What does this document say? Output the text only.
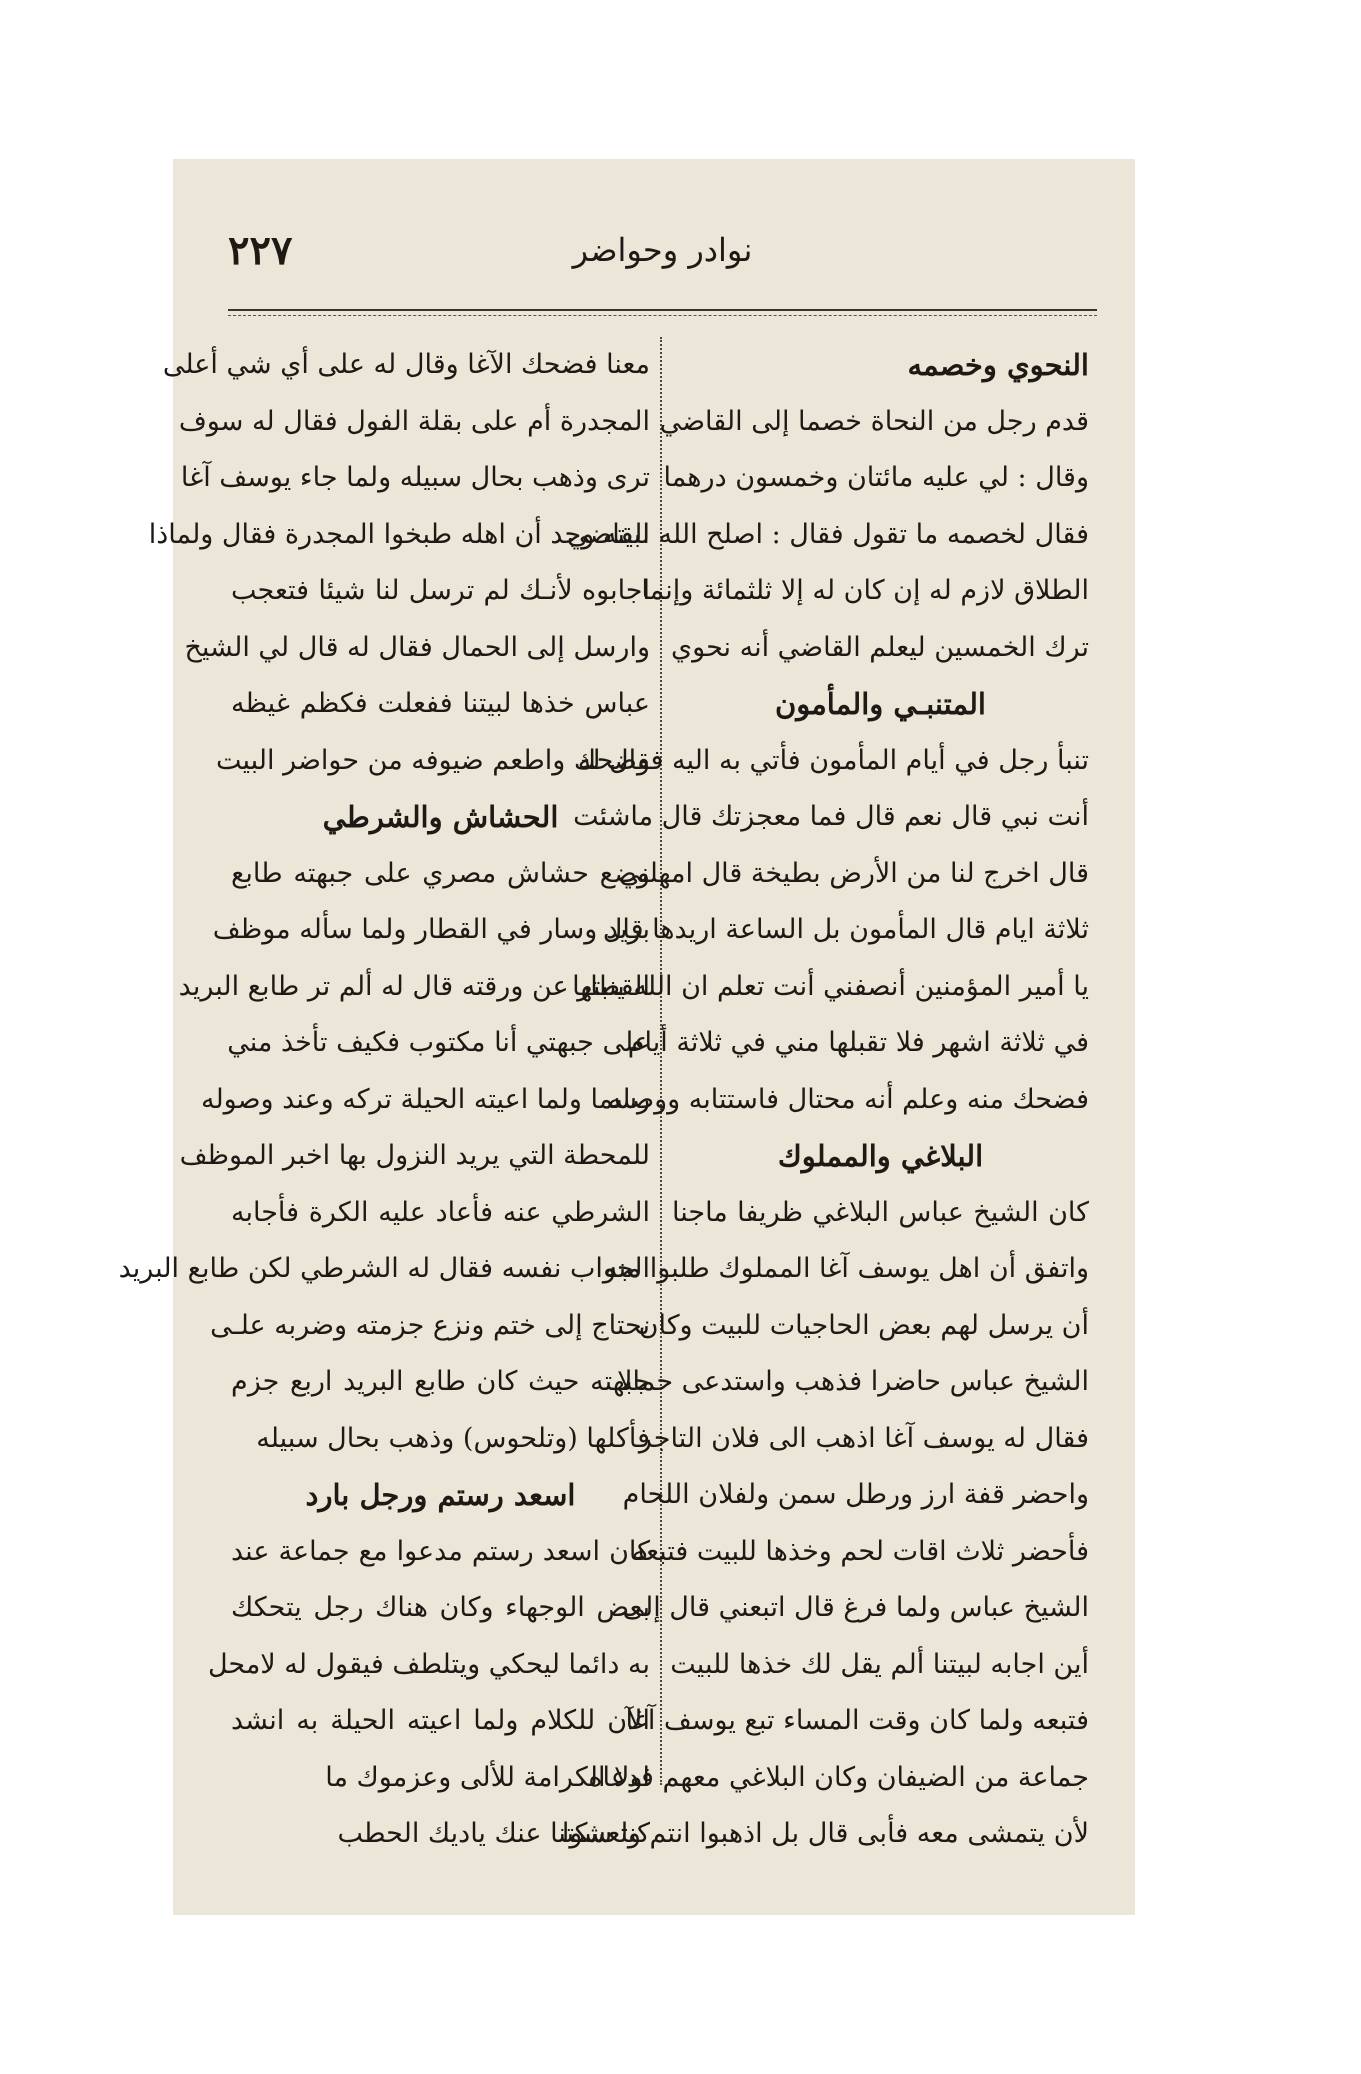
نوادر وحواضر
٢٢٧
النحوي وخصمه
قدم رجل من النحاة خصما إلى القاضي
وقال : لي عليه مائتان وخمسون درهما
فقال لخصمه ما تقول فقال : اصلح الله القاضي
الطلاق لازم له إن كان له إلا ثلثمائة وإنما
ترك الخمسين ليعلم القاضي أنه نحوي
المتنبـي والمأمون
تنبأ رجل في أيام المأمون فأتي به اليه فقال له
أنت نبي قال نعم قال فما معجزتك قال ماشئت
قال اخرج لنا من الأرض بطيخة قال امهلني
ثلاثة ايام قال المأمون بل الساعة اريدها قال
يا أمير المؤمنين أنصفني أنت تعلم ان الله ينبتها
في ثلاثة اشهر فلا تقبلها مني في ثلاثة أيام
فضحك منه وعلم أنه محتال فاستتابه ووصله
البلاغي والمملوك
كان الشيخ عباس البلاغي ظريفا ماجنا
واتفق أن اهل يوسف آغا المملوك طلبوا منه
أن يرسل لهم بعض الحاجيات للبيت وكان
الشيخ عباس حاضرا فذهب واستدعى حمالا
فقال له يوسف آغا اذهب الى فلان التاجر
واحضر قفة ارز ورطل سمن ولفلان اللحام
فأحضر ثلاث اقات لحم وخذها للبيت فتبعه
الشيخ عباس ولما فرغ قال اتبعني قال إلى
أين اجابه لبيتنا ألم يقل لك خذها للبيت
فتبعه ولما كان وقت المساء تبع يوسف آغا
جماعة من الضيفان وكان البلاغي معهم فدعاه
لأن يتمشى معه فأبى قال بل اذهبوا انتم وتعشوا
معنا فضحك الآغا وقال له على أي شي أعلى
المجدرة أم على بقلة الفول فقال له سوف
ترى وذهب بحال سبيله ولما جاء يوسف آغا
لبيته وجد أن اهله طبخوا المجدرة فقال ولماذا
اجابوه لأنـك لم ترسل لنا شيئا فتعجب
وارسل إلى الحمال فقال له قال لي الشيخ
عباس خذها لبيتنا ففعلت فكظم غيظه
وضحك واطعم ضيوفه من حواضر البيت
الحشاش والشرطي
وضع حشاش مصري على جبهته طابع
بريد وسار في القطار ولما سأله موظف
القطار عن ورقته قال له ألم تر طابع البريد
على جبهتي أنا مكتوب فكيف تأخذ مني
رسما ولما اعيته الحيلة تركه وعند وصوله
للمحطة التي يريد النزول بها اخبر الموظف
الشرطي عنه فأعاد عليه الكرة فأجابه
الجواب نفسه فقال له الشرطي لكن طابع البريد
يحتاج إلى ختم ونزع جزمته وضربه علـى
جبهته حيث كان طابع البريد اربع جزم
فأكلها (وتلحوس) وذهب بحال سبيله
اسعد رستم ورجل بارد
كان اسعد رستم مدعوا مع جماعة عند
بعض الوجهاء وكان هناك رجل يتحكك
به دائما ليحكي ويتلطف فيقول له لامحل
الآن للكلام ولما اعيته الحيلة به انشد
اولا الكرامة للألى وعزموك ما
كنا سكتنا عنك ياديك الحطب
